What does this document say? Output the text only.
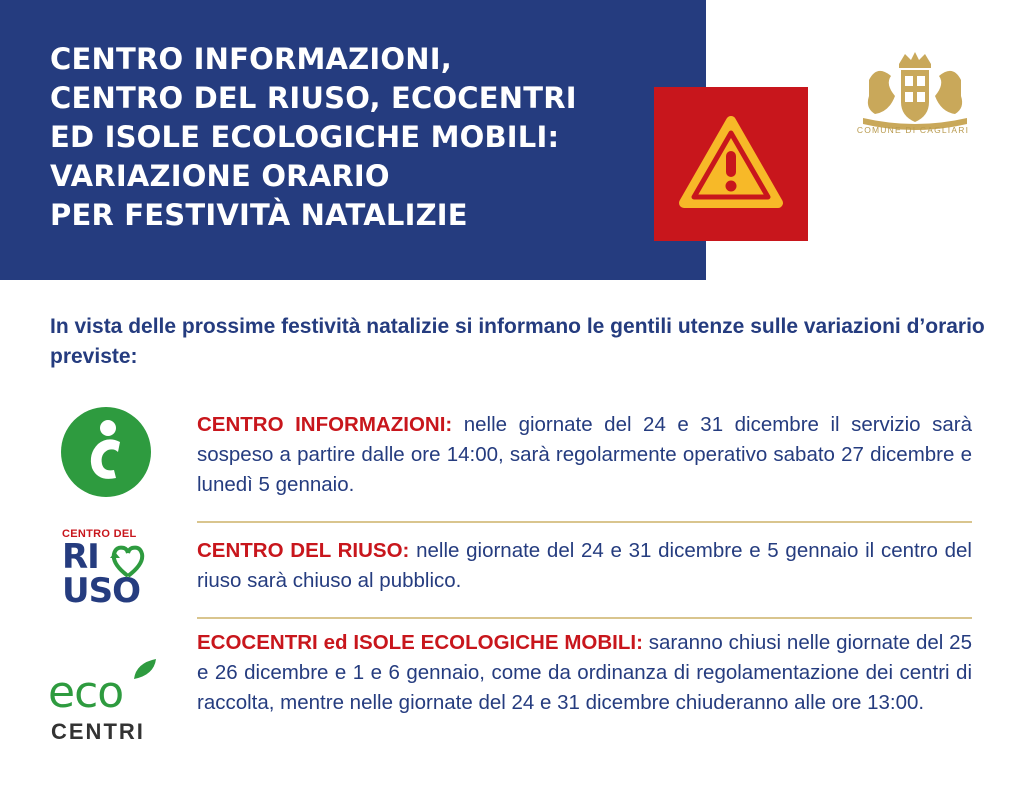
CENTRO INFORMAZIONI,
CENTRO DEL RIUSO, ECOCENTRI
ED ISOLE ECOLOGICHE MOBILI:
VARIAZIONE ORARIO
PER FESTIVITÀ NATALIZIE
COMUNE DI CAGLIARI
In vista delle prossime festività natalizie si informano le gentili utenze sulle variazioni d’orario previste:
CENTRO DEL
RI
USO
eco
CENTRI
CENTRO INFORMAZIONI: nelle giornate del 24 e 31 dicembre il servizio sarà sospeso a partire dalle ore 14:00, sarà regolarmente operativo sabato 27 dicembre e lunedì 5 gennaio.
CENTRO DEL RIUSO: nelle giornate del 24 e 31 dicembre e 5 gennaio il centro del riuso sarà chiuso al pubblico.
ECOCENTRI ed ISOLE ECOLOGICHE MOBILI: saranno chiusi nelle giornate del 25 e 26 dicembre e 1 e 6 gennaio, come da ordinanza di regolamentazione dei centri di raccolta, mentre nelle giornate del 24 e 31 dicembre chiuderanno alle ore 13:00.
